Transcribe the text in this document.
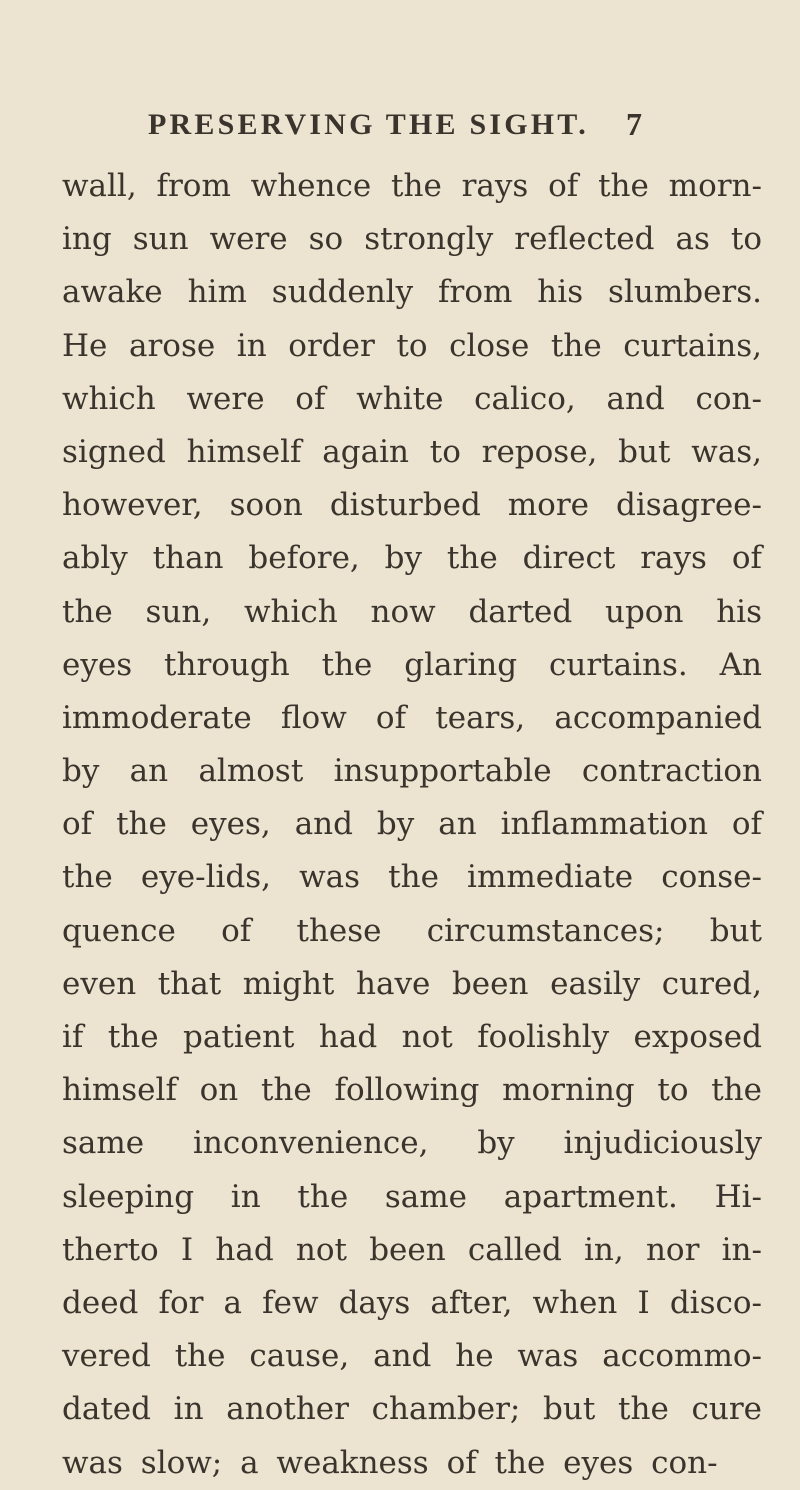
PRESERVING THE SIGHT. 7
wall, from whence the rays of the morn-
ing sun were so strongly reflected as to
awake him suddenly from his slumbers.
He arose in order to close the curtains,
which were of white calico, and con-
signed himself again to repose, but was,
however, soon disturbed more disagree-
ably than before, by the direct rays of
the sun, which now darted upon his
eyes through the glaring curtains. An
immoderate flow of tears, accompanied
by an almost insupportable contraction
of the eyes, and by an inflammation of
the eye-lids, was the immediate conse-
quence of these circumstances; but
even that might have been easily cured,
if the patient had not foolishly exposed
himself on the following morning to the
same inconvenience, by injudiciously
sleeping in the same apartment. Hi-
therto I had not been called in, nor in-
deed for a few days after, when I disco-
vered the cause, and he was accommo-
dated in another chamber; but the cure
was slow; a weakness of the eyes con-
